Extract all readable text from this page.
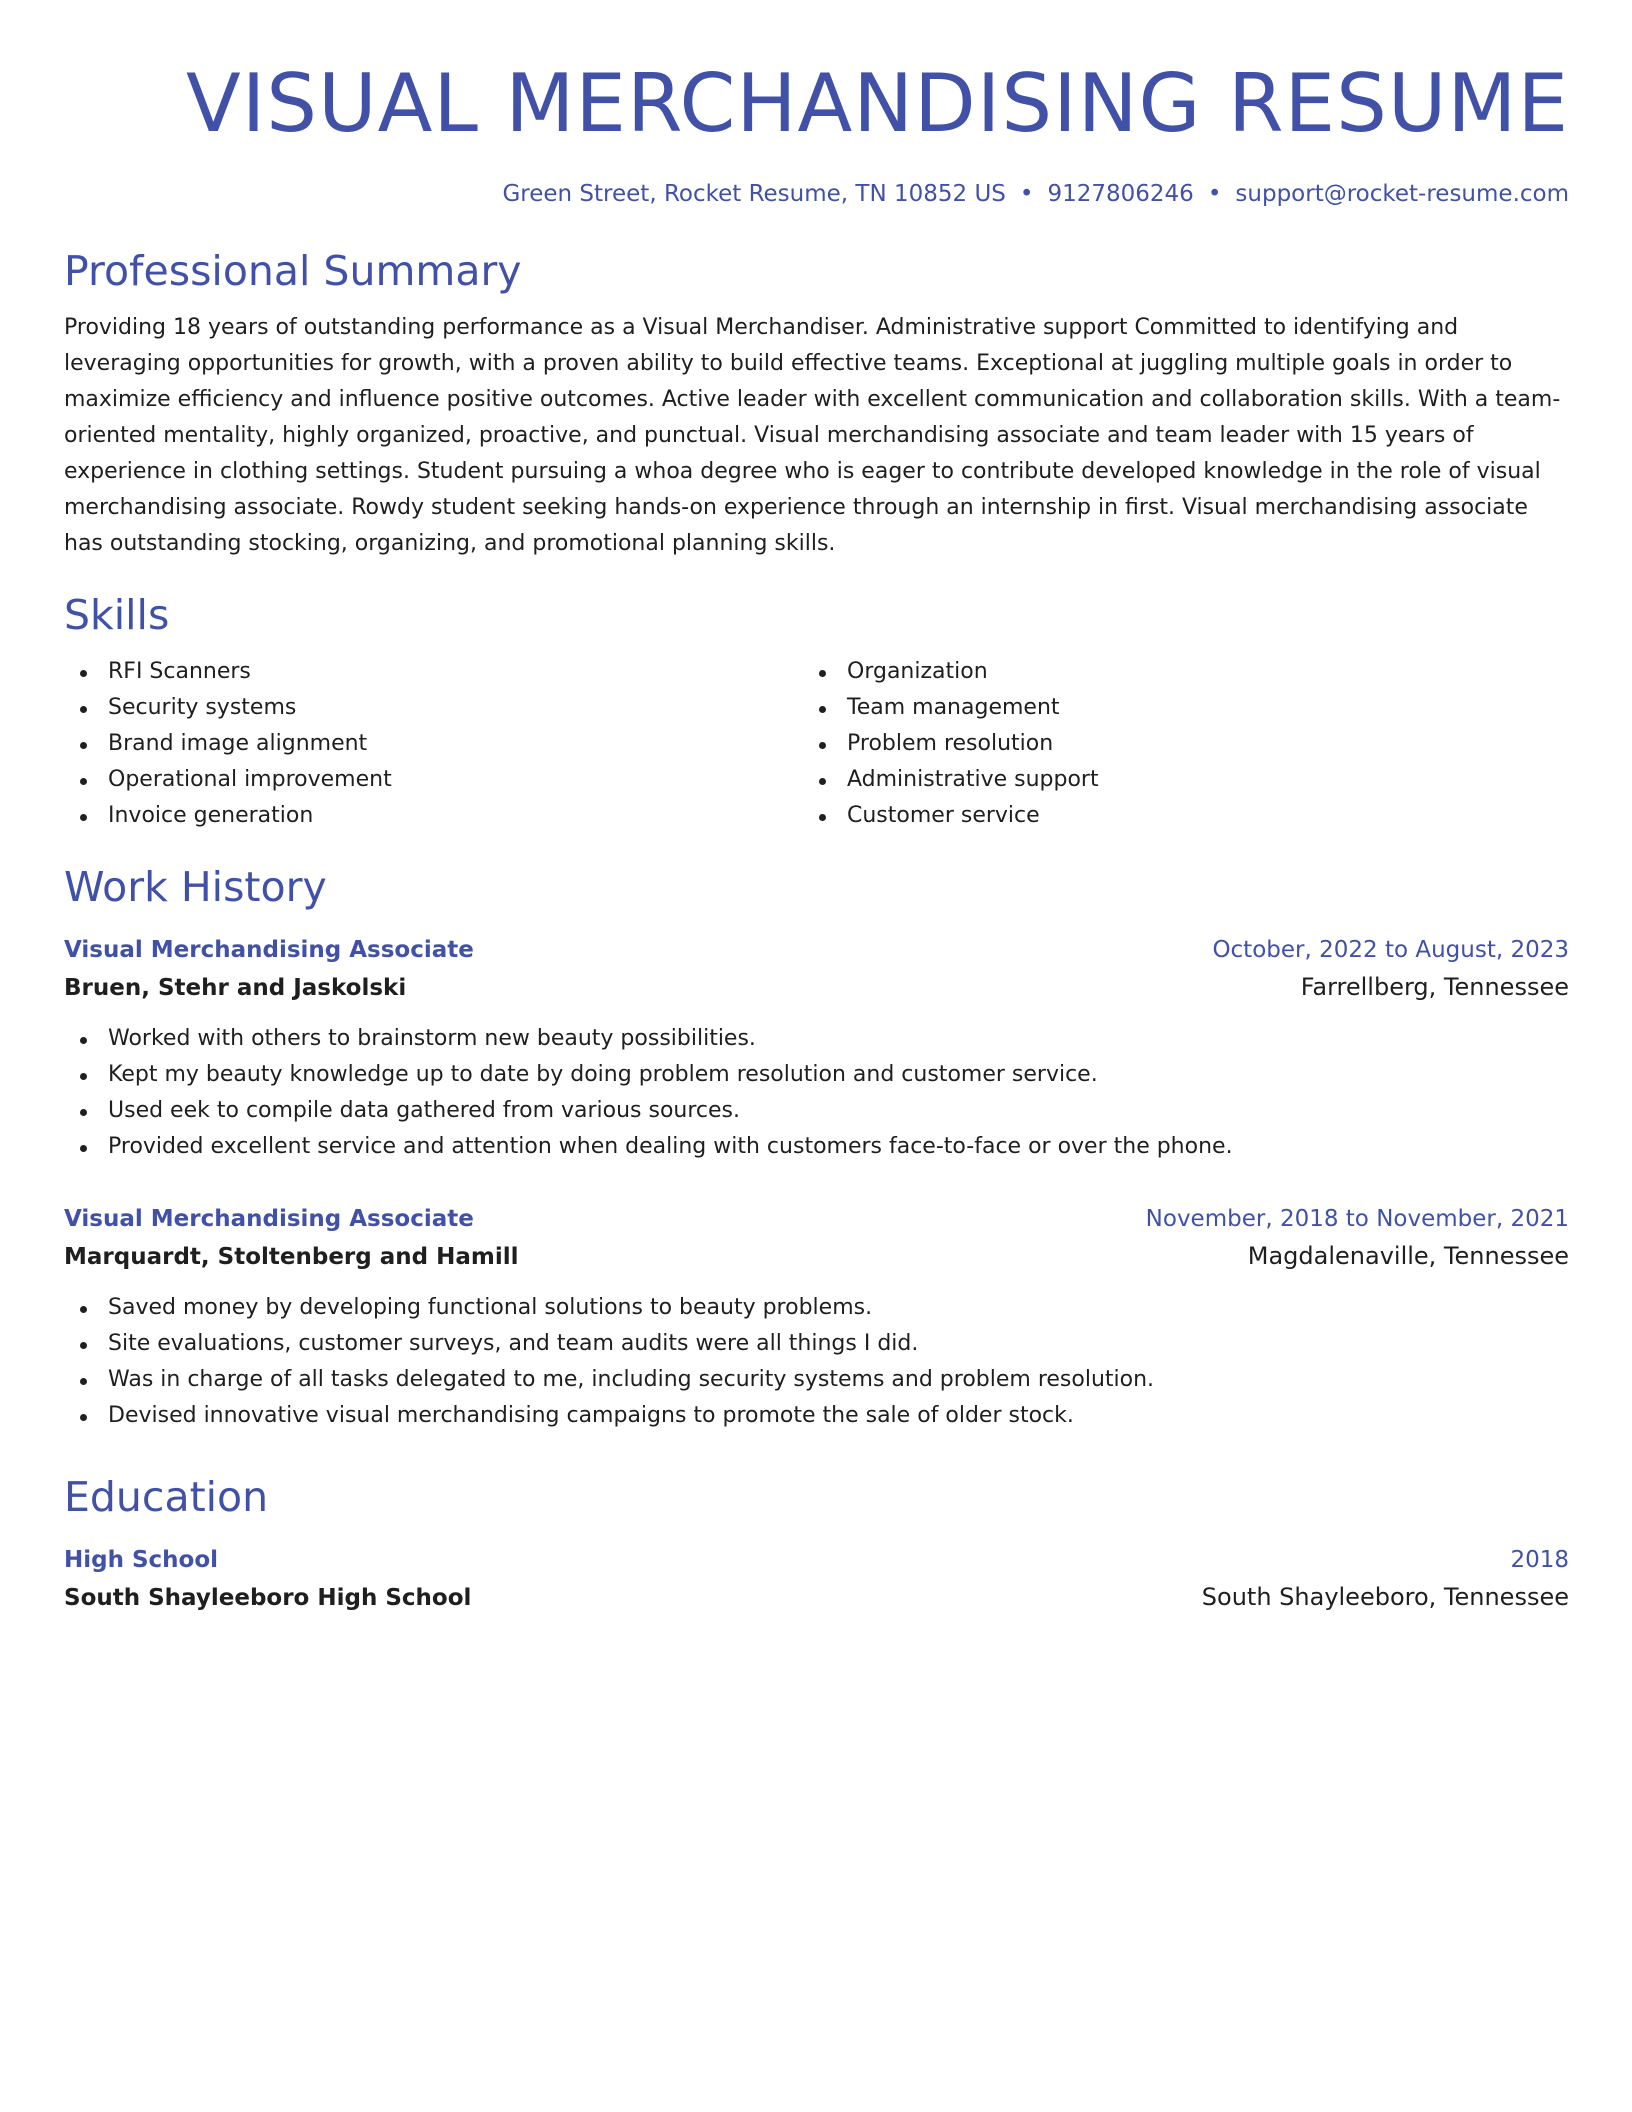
VISUAL MERCHANDISING RESUME
Green Street, Rocket Resume, TN 10852 US • 9127806246 • support@rocket-resume.com
Professional Summary

Providing 18 years of outstanding performance as a Visual Merchandiser. Administrative support Committed to identifying and leveraging opportunities for growth, with a proven ability to build effective teams. Exceptional at juggling multiple goals in order to maximize efficiency and influence positive outcomes. Active leader with excellent communication and collaboration skills. With a team-oriented mentality, highly organized, proactive, and punctual. Visual merchandising associate and team leader with 15 years of experience in clothing settings. Student pursuing a whoa degree who is eager to contribute developed knowledge in the role of visual merchandising associate. Rowdy student seeking hands-on experience through an internship in first. Visual merchandising associate has outstanding stocking, organizing, and promotional planning skills.

Skills
RFI Scanners
Security systems
Brand image alignment
Operational improvement
Invoice generation
Organization
Team management
Problem resolution
Administrative support
Customer service
Work History
Visual Merchandising Associate	October, 2022 to August, 2023
Bruen, Stehr and Jaskolski	Farrellberg, Tennessee
Worked with others to brainstorm new beauty possibilities.
Kept my beauty knowledge up to date by doing problem resolution and customer service.
Used eek to compile data gathered from various sources.
Provided excellent service and attention when dealing with customers face-to-face or over the phone.
Visual Merchandising Associate	November, 2018 to November, 2021
Marquardt, Stoltenberg and Hamill	Magdalenaville, Tennessee
Saved money by developing functional solutions to beauty problems.
Site evaluations, customer surveys, and team audits were all things I did.
Was in charge of all tasks delegated to me, including security systems and problem resolution.
Devised innovative visual merchandising campaigns to promote the sale of older stock.
Education
High School	2018
South Shayleeboro High School	South Shayleeboro, Tennessee
